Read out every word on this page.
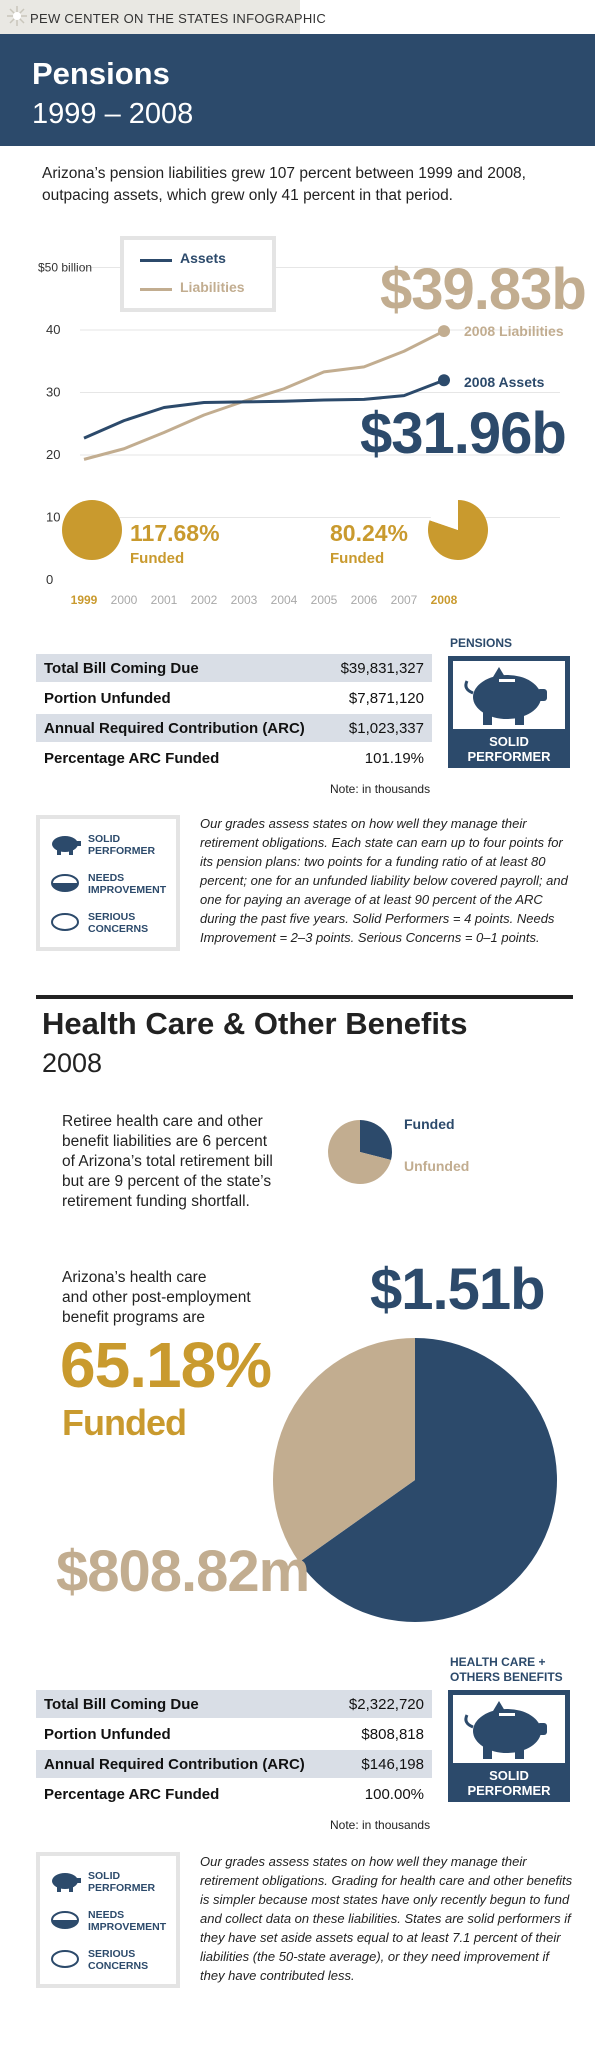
PEW CENTER ON THE STATES INFOGRAPHIC
Pensions
1999 – 2008
Arizona’s pension liabilities grew 107 percent between 1999 and 2008, outpacing assets, which grew only 41 percent in that period.
0
10
20
30
40
$50 billion
1999 2000 2001 2002 2003 2004 2005 2006 2007 2008
Assets
Liabilities $39.83b
2008 Liabilities
2008 Assets
$31.96b
117.68%
Funded
80.24%
Funded
Total Bill Coming Due	$39,831,327
Portion Unfunded	$7,871,120
Annual Required Contribution (ARC)	$1,023,337
Percentage ARC Funded	101.19%
Note: in thousands
PENSIONS
SOLID
PERFORMER
SOLID
PERFORMER
NEEDS
IMPROVEMENT
SERIOUS
CONCERNS
Our grades assess states on how well they manage their retirement obligations. Each state can earn up to four points for its pension plans: two points for a funding ratio of at least 80 percent; one for an unfunded liability below covered payroll; and one for paying an average of at least 90 percent of the ARC during the past five years. Solid Performers = 4 points. Needs Improvement = 2–3 points. Serious Concerns = 0–1 points.
Health Care & Other Benefits
2008
Retiree health care and other
benefit liabilities are 6 percent
of Arizona’s total retirement bill
but are 9 percent of the state’s
retirement funding shortfall.
Funded
Unfunded
Arizona’s health care
and other post-employment
benefit programs are
65.18%
Funded
$1.51b
$808.82m
Total Bill Coming Due	$2,322,720
Portion Unfunded	$808,818
Annual Required Contribution (ARC)	$146,198
Percentage ARC Funded	100.00%
Note: in thousands
HEALTH CARE +
OTHERS BENEFITS
SOLID
PERFORMER
SOLID
PERFORMER
NEEDS
IMPROVEMENT
SERIOUS
CONCERNS
Our grades assess states on how well they manage their retirement obligations. Grading for health care and other benefits is simpler because most states have only recently begun to fund and collect data on these liabilities. States are solid performers if they have set aside assets equal to at least 7.1 percent of their liabilities (the 50-state average), or they need improvement if they have contributed less.
